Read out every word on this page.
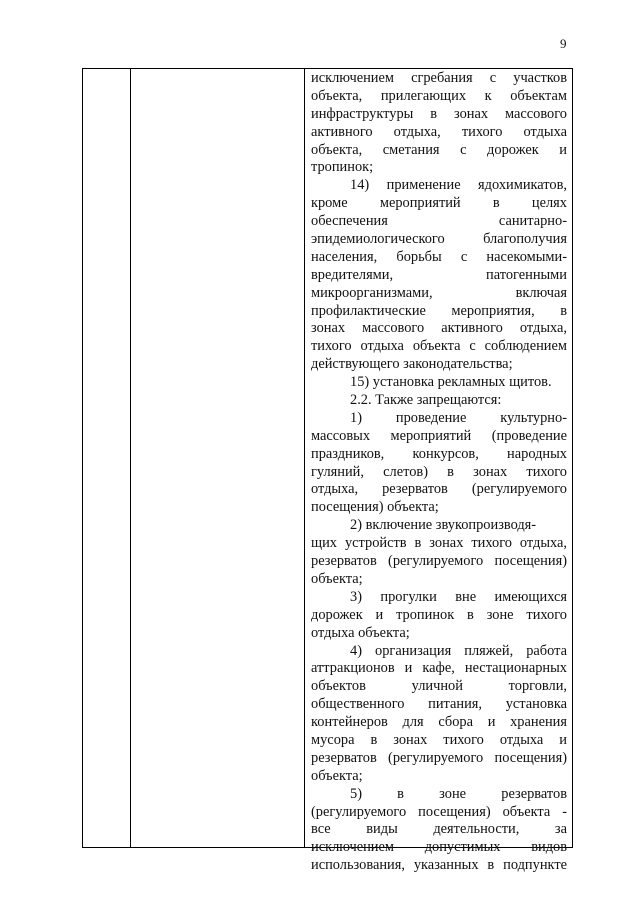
9
исключением сгребания с участков
объекта, прилегающих к объектам
инфраструктуры в зонах массового
активного отдыха, тихого отдыха
объекта, сметания с дорожек и
тропинок;
14) применение ядохимикатов,
кроме мероприятий в целях
обеспечения санитарно-
эпидемиологического благополучия
населения, борьбы с насекомыми-
вредителями, патогенными
микроорганизмами, включая
профилактические мероприятия, в
зонах массового активного отдыха,
тихого отдыха объекта с соблюдением
действующего законодательства;
15) установка рекламных щитов.
2.2. Также запрещаются:
1) проведение культурно-
массовых мероприятий (проведение
праздников, конкурсов, народных
гуляний, слетов) в зонах тихого
отдыха, резерватов (регулируемого
посещения) объекта;
2) включение звукопроизводя-
щих устройств в зонах тихого отдыха,
резерватов (регулируемого посещения)
объекта;
3) прогулки вне имеющихся
дорожек и тропинок в зоне тихого
отдыха объекта;
4) организация пляжей, работа
аттракционов и кафе, нестационарных
объектов уличной торговли,
общественного питания, установка
контейнеров для сбора и хранения
мусора в зонах тихого отдыха и
резерватов (регулируемого посещения)
объекта;
5) в зоне резерватов
(регулируемого посещения) объекта -
все виды деятельности, за
исключением допустимых видов
использования, указанных в подпункте
